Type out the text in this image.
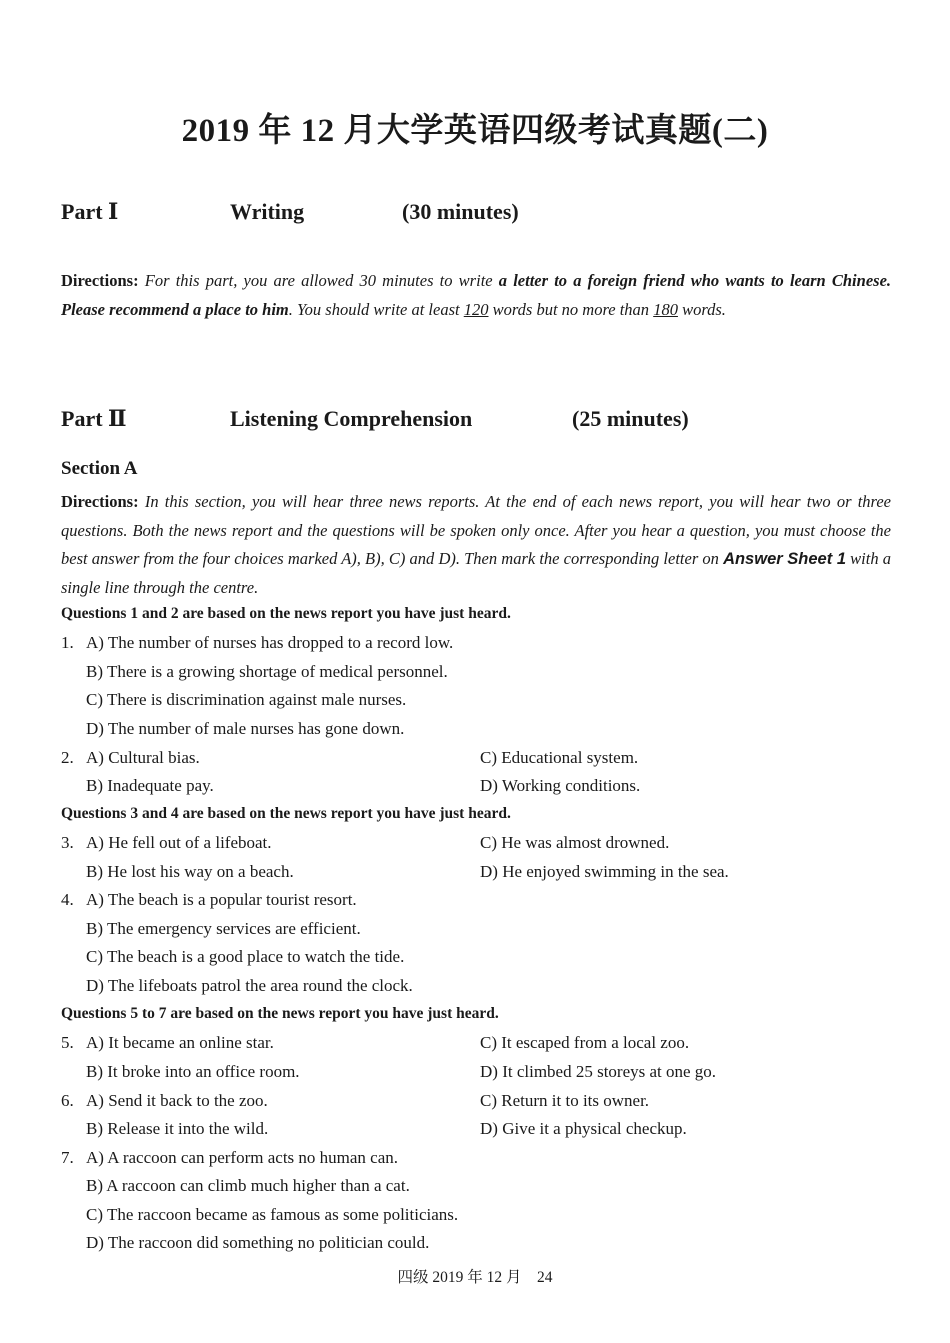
2019 年 12 月大学英语四级考试真题(二)
Part Ⅰ	Writing	(30 minutes)
Directions: For this part, you are allowed 30 minutes to write a letter to a foreign friend who wants to learn Chinese. Please recommend a place to him. You should write at least 120 words but no more than 180 words.
Part Ⅱ	Listening Comprehension	(25 minutes)
Section A
Directions: In this section, you will hear three news reports. At the end of each news report, you will hear two or three questions. Both the news report and the questions will be spoken only once. After you hear a question, you must choose the best answer from the four choices marked A), B), C) and D). Then mark the corresponding letter on Answer Sheet 1 with a single line through the centre.
Questions 1 and 2 are based on the news report you have just heard.
1. A) The number of nurses has dropped to a record low.
B) There is a growing shortage of medical personnel.
C) There is discrimination against male nurses.
D) The number of male nurses has gone down.
2. A) Cultural bias.	C) Educational system.
B) Inadequate pay.	D) Working conditions.
Questions 3 and 4 are based on the news report you have just heard.
3. A) He fell out of a lifeboat.	C) He was almost drowned.
B) He lost his way on a beach.	D) He enjoyed swimming in the sea.
4. A) The beach is a popular tourist resort.
B) The emergency services are efficient.
C) The beach is a good place to watch the tide.
D) The lifeboats patrol the area round the clock.
Questions 5 to 7 are based on the news report you have just heard.
5. A) It became an online star.	C) It escaped from a local zoo.
B) It broke into an office room.	D) It climbed 25 storeys at one go.
6. A) Send it back to the zoo.	C) Return it to its owner.
B) Release it into the wild.	D) Give it a physical checkup.
7. A) A raccoon can perform acts no human can.
B) A raccoon can climb much higher than a cat.
C) The raccoon became as famous as some politicians.
D) The raccoon did something no politician could.
四级 2019 年 12 月　24
